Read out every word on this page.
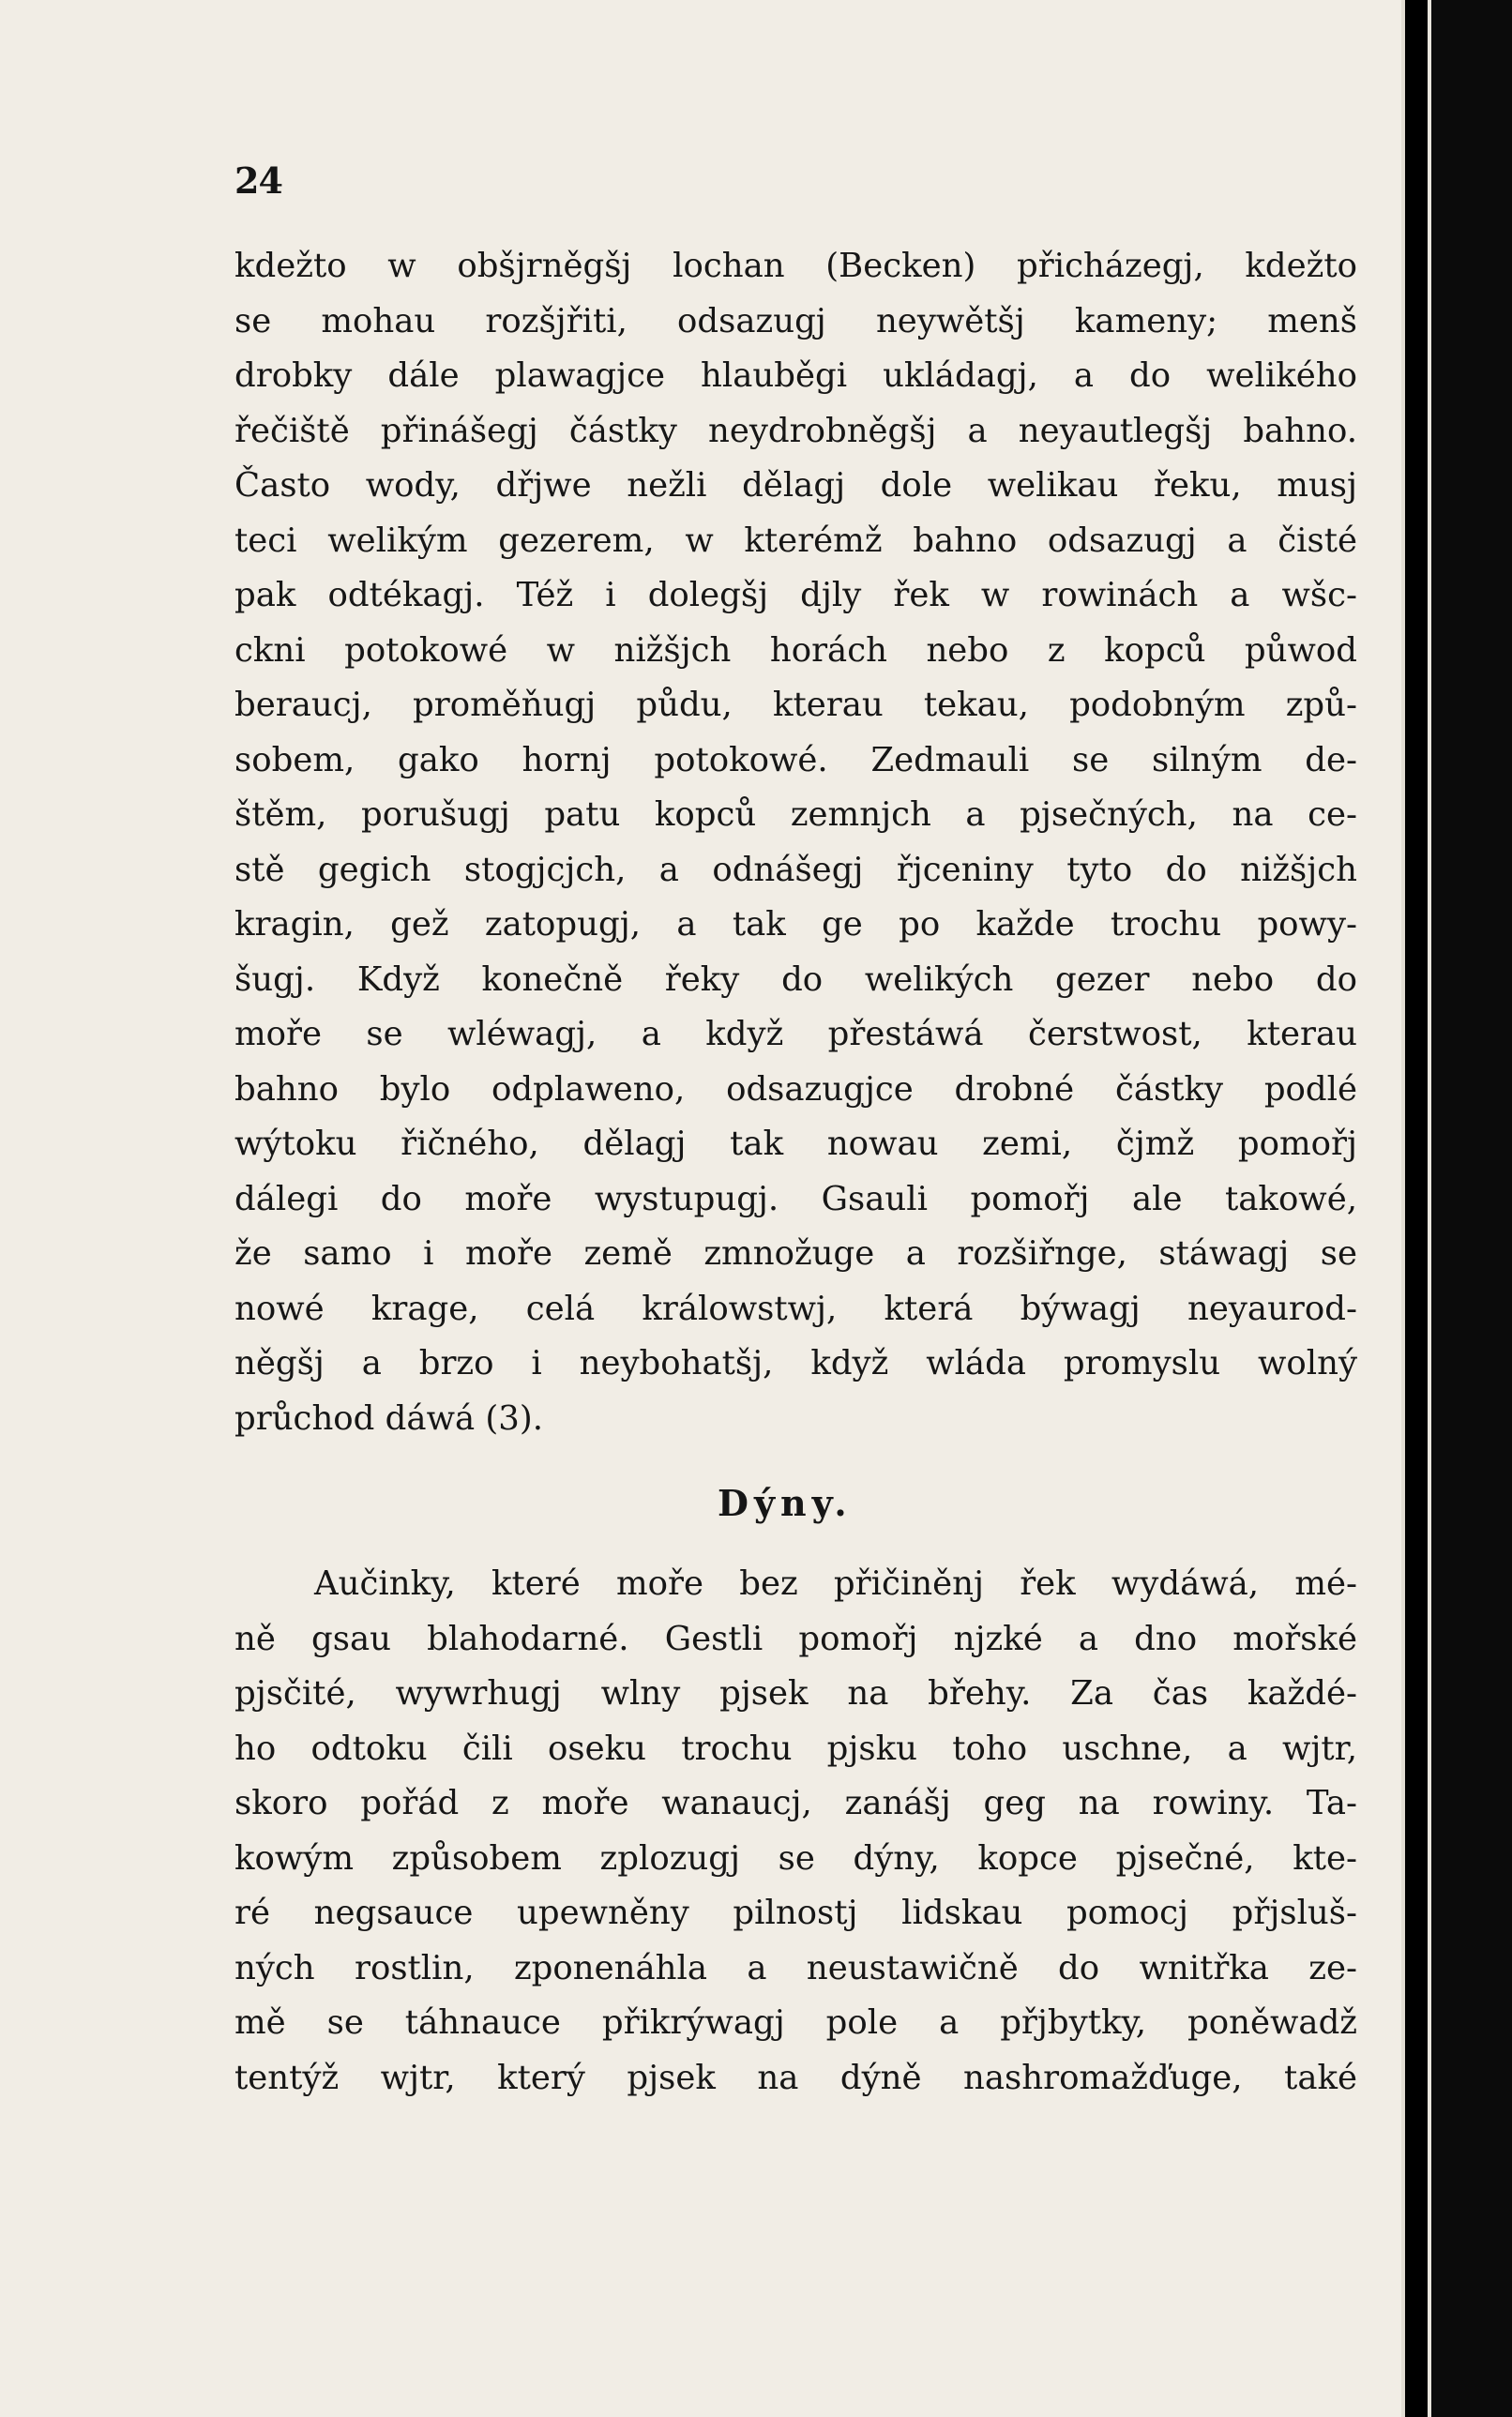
24
kdežto w obšjrněgšj lochan (Becken) přicházegj, kdežto
se mohau rozšjřiti, odsazugj neywětšj kameny; menš
drobky dále plawagjce hlauběgi ukládagj, a do welikého
řečiště přinášegj částky neydrobněgšj a neyautlegšj bahno.
Často wody, dřjwe nežli dělagj dole welikau řeku, musj
teci welikým gezerem, w kterémž bahno odsazugj a čisté
pak odtékagj. Též i dolegšj djly řek w rowinách a wšc-
ckni potokowé w nižšjch horách nebo z kopců půwod
beraucj, proměňugj půdu, kterau tekau, podobným způ-
sobem, gako hornj potokowé. Zedmauli se silným de-
štěm, porušugj patu kopců zemnjch a pjsečných, na ce-
stě gegich stogjcjch, a odnášegj řjceniny tyto do nižšjch
kragin, gež zatopugj, a tak ge po každe trochu powy-
šugj. Když konečně řeky do welikých gezer nebo do
moře se wléwagj, a když přestáwá čerstwost, kterau
bahno bylo odplaweno, odsazugjce drobné částky podlé
wýtoku řičného, dělagj tak nowau zemi, čjmž pomořj
dálegi do moře wystupugj. Gsauli pomořj ale takowé,
že samo i moře země zmnožuge a rozšiřnge, stáwagj se
nowé krage, celá králowstwj, která býwagj neyaurod-
něgšj a brzo i neybohatšj, když wláda promyslu wolný
průchod dáwá (3).
Dýny.
Aučinky, které moře bez přičiněnj řek wydáwá, mé-
ně gsau blahodarné. Gestli pomořj njzké a dno mořské
pjsčité, wywrhugj wlny pjsek na břehy. Za čas každé-
ho odtoku čili oseku trochu pjsku toho uschne, a wjtr,
skoro pořád z moře wanaucj, zanášj geg na rowiny. Ta-
kowým způsobem zplozugj se dýny, kopce pjsečné, kte-
ré negsauce upewněny pilnostj lidskau pomocj přjsluš-
ných rostlin, zponenáhla a neustawičně do wnitřka ze-
mě se táhnauce přikrýwagj pole a přjbytky, poněwadž
tentýž wjtr, který pjsek na dýně nashromažďuge, také
